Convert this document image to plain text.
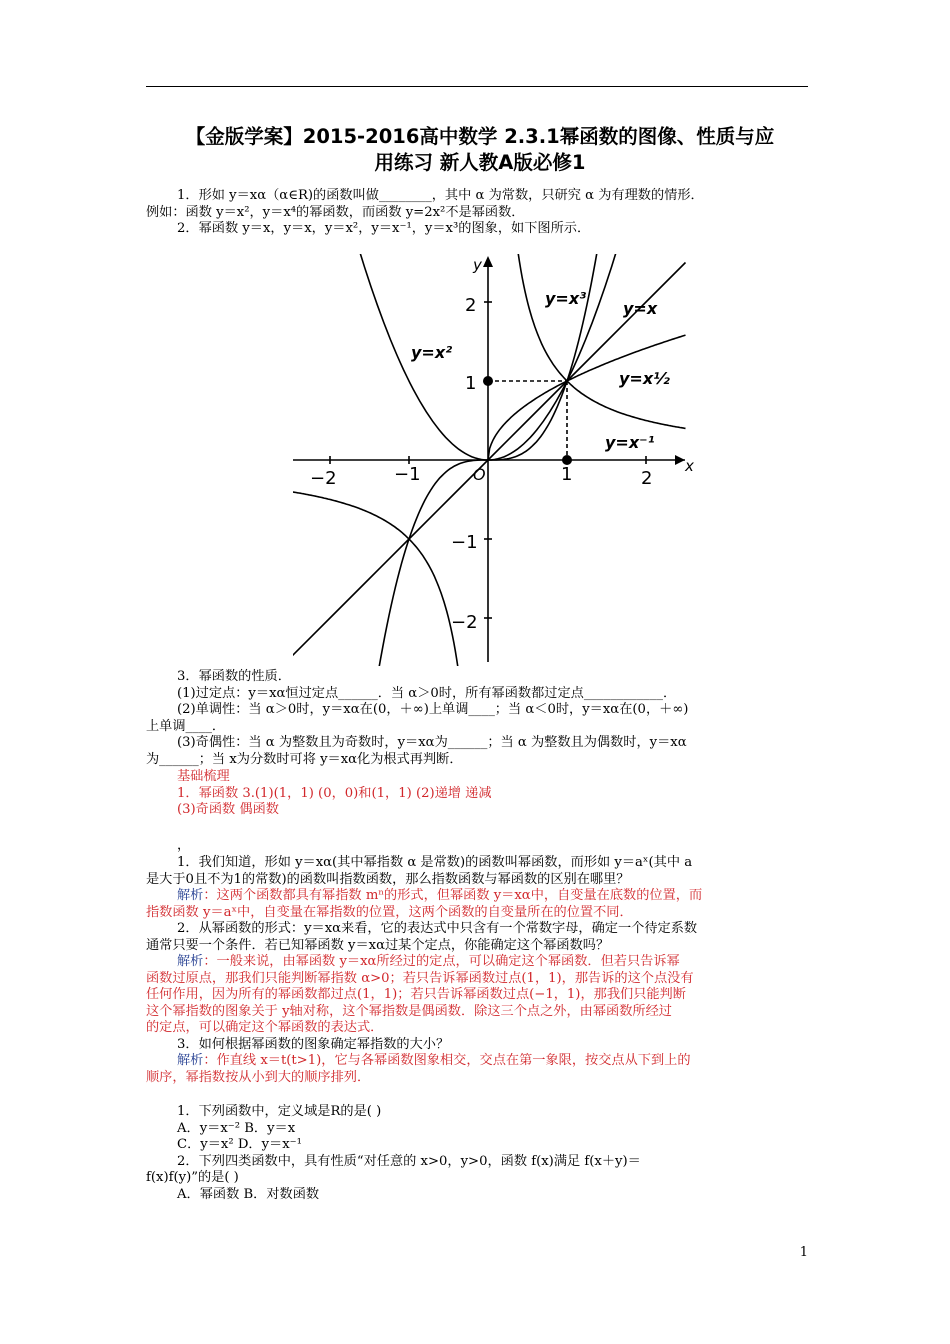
【金版学案】2015-2016高中数学 2.3.1幂函数的图像、性质与应
用练习 新人教A版必修1
1．形如 y＝xα（α∈R)的函数叫做________，其中 α 为常数，只研究 α 为有理数的情形．
例如：函数 y＝x²，y＝x⁴的幂函数，而函数 y=2x²不是幂函数．
2．幂函数 y＝x，y＝x，y＝x²，y＝x⁻¹，y＝x³的图象，如下图所示．
x
y
O
−2	−1	1	2
2
1
−1
−2
y=x²
y=x³
y=x
y=x½
y=x⁻¹
3．幂函数的性质．
(1)过定点：y＝xα恒过定点______．当 α＞0时，所有幂函数都过定点____________．
(2)单调性：当 α＞0时，y＝xα在(0，＋∞)上单调____；当 α＜0时，y＝xα在(0，＋∞)
上单调____．
(3)奇偶性：当 α 为整数且为奇数时，y＝xα为______；当 α 为整数且为偶数时，y＝xα
为______；当 x为分数时可将 y＝xα化为根式再判断．
基础梳理
1．幂函数 3.(1)(1，1) (0，0)和(1，1) (2)递增 递减
(3)奇函数 偶函数
，
1．我们知道，形如 y＝xα(其中幂指数 α 是常数)的函数叫幂函数，而形如 y＝aˣ(其中 a
是大于0且不为1的常数)的函数叫指数函数，那么指数函数与幂函数的区别在哪里？
解析：这两个函数都具有幂指数 mⁿ的形式，但幂函数 y＝xα中，自变量在底数的位置，而
指数函数 y＝aˣ中，自变量在幂指数的位置，这两个函数的自变量所在的位置不同．
2．从幂函数的形式：y＝xα来看，它的表达式中只含有一个常数字母，确定一个待定系数
通常只要一个条件．若已知幂函数 y＝xα过某个定点，你能确定这个幂函数吗？
解析：一般来说，由幂函数 y＝xα所经过的定点，可以确定这个幂函数．但若只告诉幂
函数过原点，那我们只能判断幂指数 α>0；若只告诉幂函数过点(1，1)，那告诉的这个点没有
任何作用，因为所有的幂函数都过点(1，1)；若只告诉幂函数过点(−1，1)，那我们只能判断
这个幂指数的图象关于 y轴对称，这个幂指数是偶函数．除这三个点之外，由幂函数所经过
的定点，可以确定这个幂函数的表达式．
3．如何根据幂函数的图象确定幂指数的大小？
解析：作直线 x＝t(t>1)，它与各幂函数图象相交，交点在第一象限，按交点从下到上的
顺序，幂指数按从小到大的顺序排列．
1．下列函数中，定义域是R的是( )
A．y＝x⁻² B．y＝x
C．y＝x² D．y＝x⁻¹
2．下列四类函数中，具有性质“对任意的 x>0，y>0，函数 f(x)满足 f(x＋y)＝
f(x)f(y)”的是( )
A．幂函数 B．对数函数
1
